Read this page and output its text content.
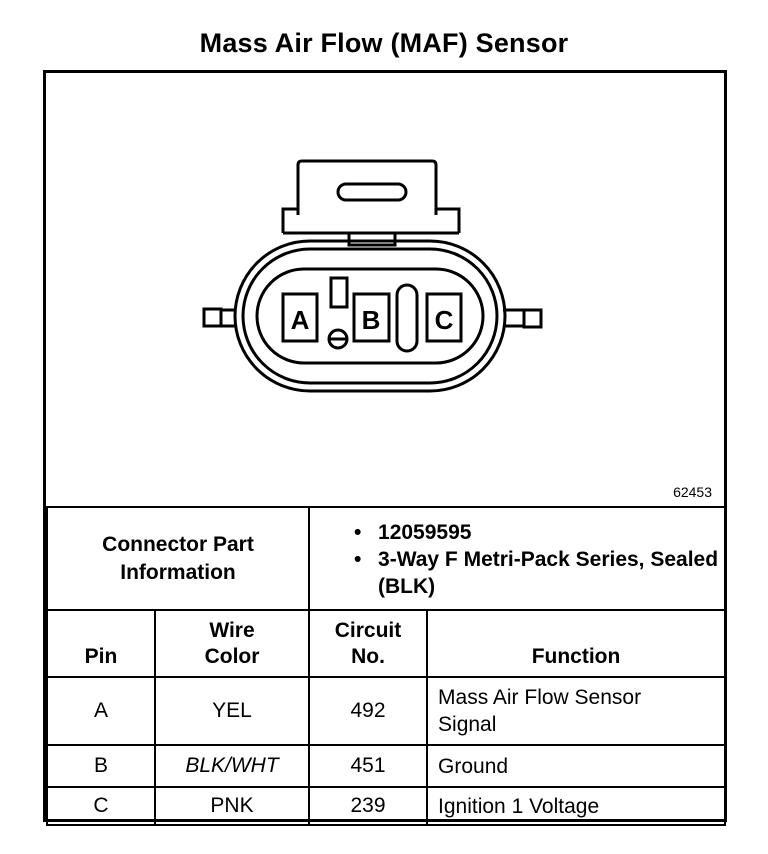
Mass Air Flow (MAF) Sensor
A B C
62453
Connector Part Information		• 12059595
• 3-Way F Metri-Pack Series, Sealed (BLK)	

Pin	Wire Color	Circuit No.	Function
A	YEL	492	Mass Air Flow Sensor Signal

B	BLK/WHT	451	Ground
C	PNK	239	Ignition 1 Voltage
